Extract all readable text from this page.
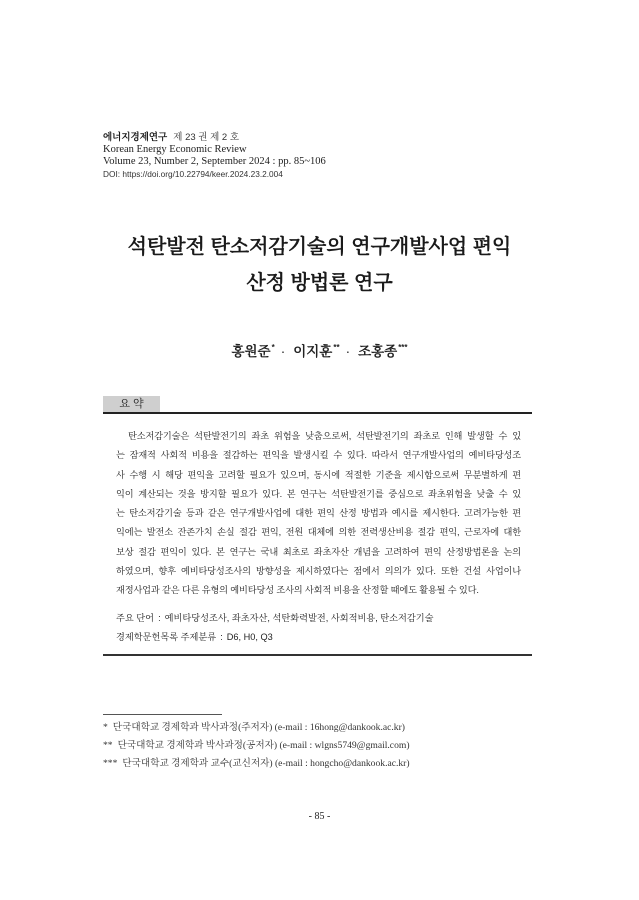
에너지경제연구 제 23 권 제 2 호
Korean Energy Economic Review
Volume 23, Number 2, September 2024 : pp. 85~106
DOI: https://doi.org/10.22794/keer.2024.23.2.004
석탄발전 탄소저감기술의 연구개발사업 편익
산정 방법론 연구
홍원준* · 이지훈** · 조홍종***
요 약
탄소저감기술은 석탄발전기의 좌초 위험을 낮춤으로써, 석탄발전기의 좌초로 인해 발생할 수 있
는 잠재적 사회적 비용을 절감하는 편익을 발생시킬 수 있다. 따라서 연구개발사업의 예비타당성조
사 수행 시 해당 편익을 고려할 필요가 있으며, 동시에 적절한 기준을 제시함으로써 무분별하게 편
익이 계산되는 것을 방지할 필요가 있다. 본 연구는 석탄발전기를 중심으로 좌초위험을 낮출 수 있
는 탄소저감기술 등과 같은 연구개발사업에 대한 편익 산정 방법과 예시를 제시한다. 고려가능한 편
익에는 발전소 잔존가치 손실 절감 편익, 전원 대체에 의한 전력생산비용 절감 편익, 근로자에 대한
보상 절감 편익이 있다. 본 연구는 국내 최초로 좌초자산 개념을 고려하여 편익 산정방법론을 논의
하였으며, 향후 예비타당성조사의 방향성을 제시하였다는 점에서 의의가 있다. 또한 건설 사업이나
재정사업과 같은 다른 유형의 예비타당성 조사의 사회적 비용을 산정할 때에도 활용될 수 있다.
주요 단어 : 예비타당성조사, 좌초자산, 석탄화력발전, 사회적비용, 탄소저감기술
경제학문헌목록 주제분류 : D6, H0, Q3
* 단국대학교 경제학과 박사과정(주저자) (e-mail : 16hong@dankook.ac.kr)
** 단국대학교 경제학과 박사과정(공저자) (e-mail : wlgns5749@gmail.com)
*** 단국대학교 경제학과 교수(교신저자) (e-mail : hongcho@dankook.ac.kr)
- 85 -
